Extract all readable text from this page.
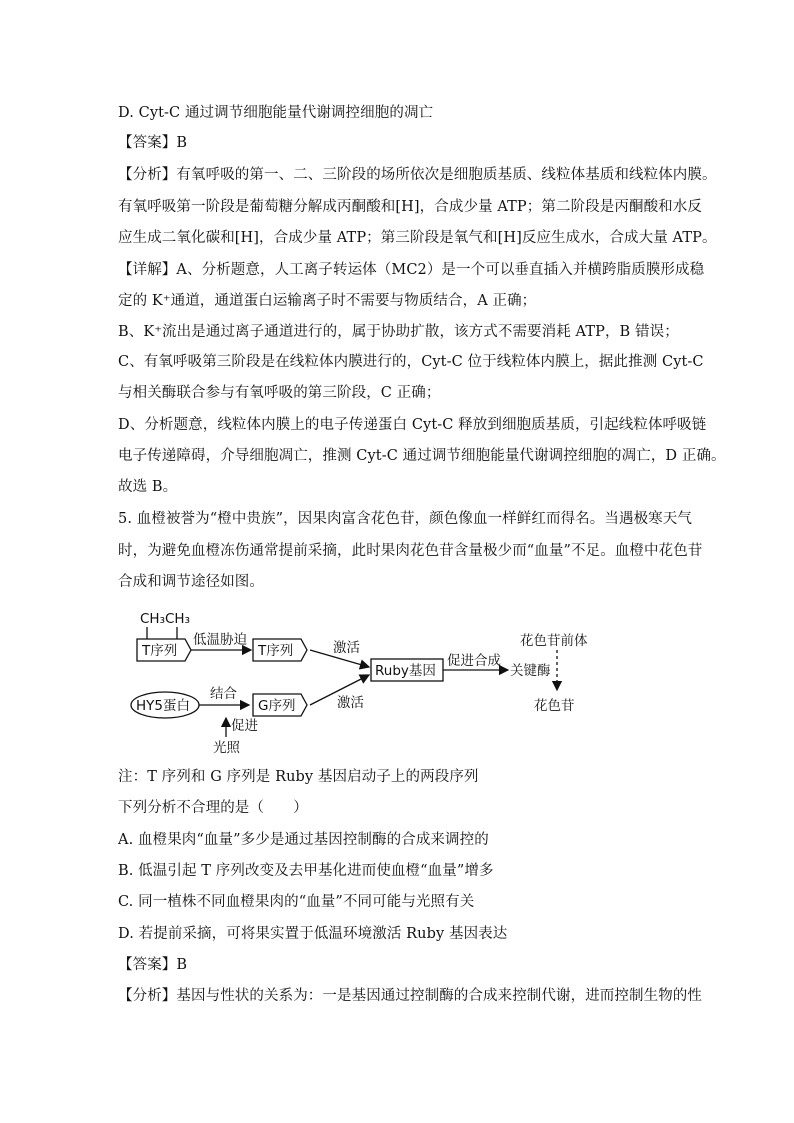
D. Cyt-C 通过调节细胞能量代谢调控细胞的凋亡
【答案】B
【分析】有氧呼吸的第一、二、三阶段的场所依次是细胞质基质、线粒体基质和线粒体内膜。
有氧呼吸第一阶段是葡萄糖分解成丙酮酸和[H]，合成少量 ATP；第二阶段是丙酮酸和水反
应生成二氧化碳和[H]，合成少量 ATP；第三阶段是氧气和[H]反应生成水，合成大量 ATP。
【详解】A、分析题意，人工离子转运体（MC2）是一个可以垂直插入并横跨脂质膜形成稳
定的 K⁺通道，通道蛋白运输离子时不需要与物质结合，A 正确；
B、K⁺流出是通过离子通道进行的，属于协助扩散，该方式不需要消耗 ATP，B 错误；
C、有氧呼吸第三阶段是在线粒体内膜进行的，Cyt-C 位于线粒体内膜上，据此推测 Cyt-C
与相关酶联合参与有氧呼吸的第三阶段，C 正确；
D、分析题意，线粒体内膜上的电子传递蛋白 Cyt-C 释放到细胞质基质，引起线粒体呼吸链
电子传递障碍，介导细胞凋亡，推测 Cyt-C 通过调节细胞能量代谢调控细胞的凋亡，D 正确。
故选 B。
5. 血橙被誉为“橙中贵族”，因果肉富含花色苷，颜色像血一样鲜红而得名。当遇极寒天气
时，为避免血橙冻伤通常提前采摘，此时果肉花色苷含量极少而“血量”不足。血橙中花色苷
合成和调节途径如图。
CH₃CH₃
T序列
低温胁迫
T序列	激活
Ruby基因
促进合成
关键酶
花色苷前体
花色苷
HY5蛋白
结合
G序列	激活
促进
光照
注：T 序列和 G 序列是 Ruby 基因启动子上的两段序列
下列分析不合理的是（　　）
A. 血橙果肉“血量”多少是通过基因控制酶的合成来调控的
B. 低温引起 T 序列改变及去甲基化进而使血橙“血量”增多
C. 同一植株不同血橙果肉的“血量”不同可能与光照有关
D. 若提前采摘，可将果实置于低温环境激活 Ruby 基因表达
【答案】B
【分析】基因与性状的关系为：一是基因通过控制酶的合成来控制代谢，进而控制生物的性
